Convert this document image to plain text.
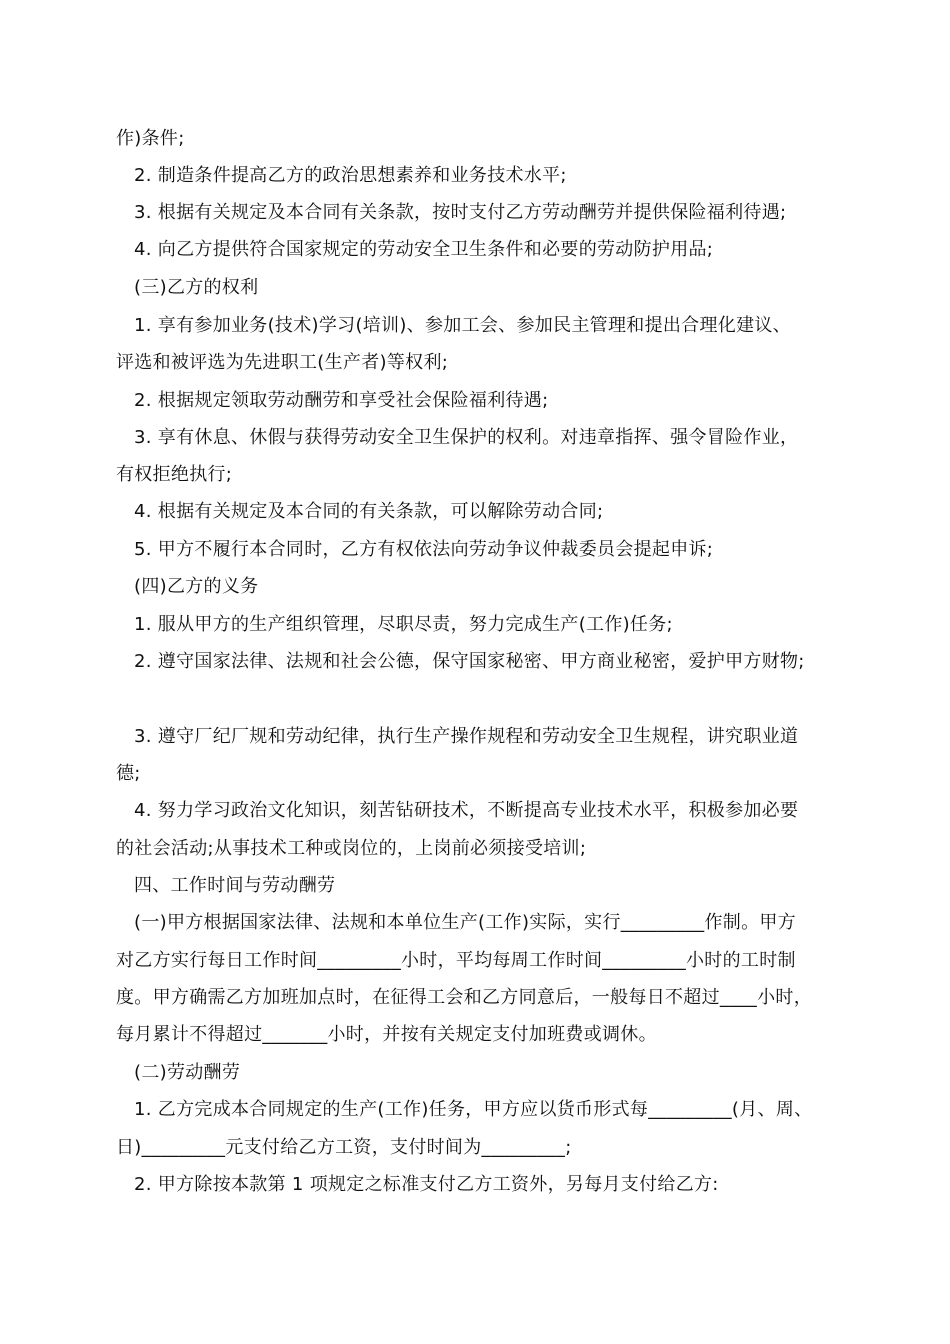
作)条件;
2. 制造条件提高乙方的政治思想素养和业务技术水平;
3. 根据有关规定及本合同有关条款，按时支付乙方劳动酬劳并提供保险福利待遇;
4. 向乙方提供符合国家规定的劳动安全卫生条件和必要的劳动防护用品;
(三)乙方的权利
1. 享有参加业务(技术)学习(培训)、参加工会、参加民主管理和提出合理化建议、
评选和被评选为先进职工(生产者)等权利;
2. 根据规定领取劳动酬劳和享受社会保险福利待遇;
3. 享有休息、休假与获得劳动安全卫生保护的权利。对违章指挥、强令冒险作业，
有权拒绝执行;
4. 根据有关规定及本合同的有关条款，可以解除劳动合同;
5. 甲方不履行本合同时，乙方有权依法向劳动争议仲裁委员会提起申诉;
(四)乙方的义务
1. 服从甲方的生产组织管理，尽职尽责，努力完成生产(工作)任务;
2. 遵守国家法律、法规和社会公德，保守国家秘密、甲方商业秘密，爱护甲方财物;
3. 遵守厂纪厂规和劳动纪律，执行生产操作规程和劳动安全卫生规程，讲究职业道
德;
4. 努力学习政治文化知识，刻苦钻研技术，不断提高专业技术水平，积极参加必要
的社会活动;从事技术工种或岗位的，上岗前必须接受培训;
四、工作时间与劳动酬劳
(一)甲方根据国家法律、法规和本单位生产(工作)实际，实行_________作制。甲方
对乙方实行每日工作时间_________小时，平均每周工作时间_________小时的工时制
度。甲方确需乙方加班加点时，在征得工会和乙方同意后，一般每日不超过____小时，
每月累计不得超过_______小时，并按有关规定支付加班费或调休。
(二)劳动酬劳
1. 乙方完成本合同规定的生产(工作)任务，甲方应以货币形式每_________(月、周、
日)_________元支付给乙方工资，支付时间为_________;
2. 甲方除按本款第 1 项规定之标准支付乙方工资外，另每月支付给乙方:
